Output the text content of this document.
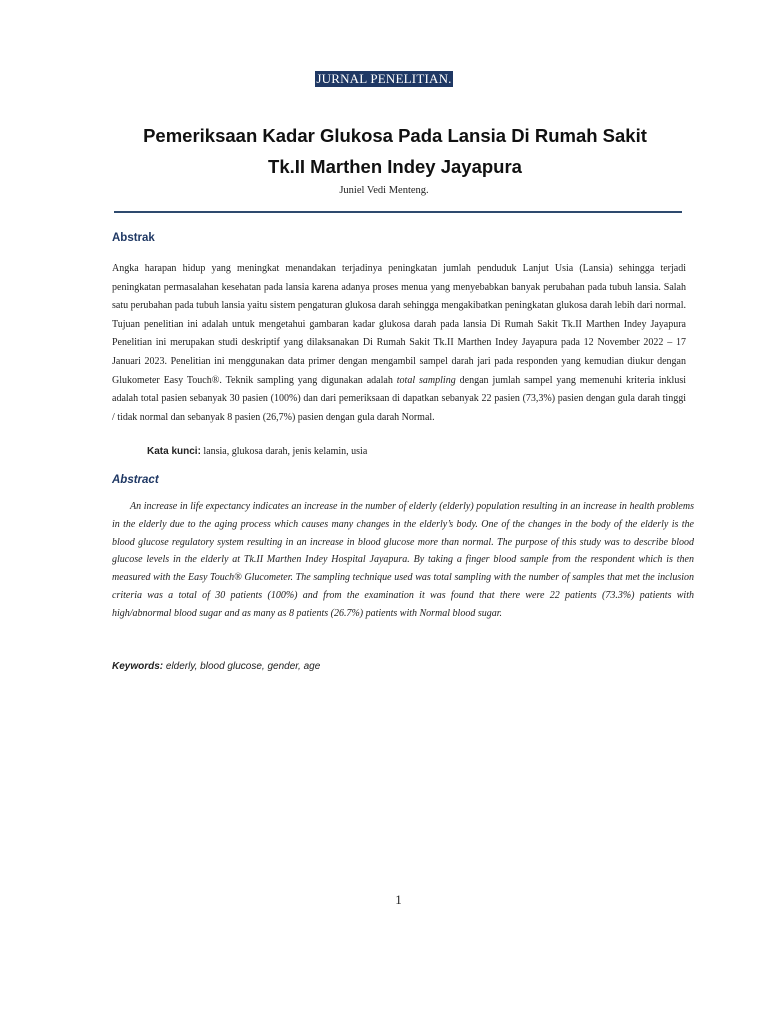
JURNAL PENELITIAN.
Pemeriksaan Kadar Glukosa Pada Lansia Di Rumah Sakit
Tk.II Marthen Indey Jayapura
Juniel Vedi Menteng.
Abstrak

Angka harapan hidup yang meningkat menandakan terjadinya peningkatan jumlah penduduk Lanjut Usia (Lansia) sehingga terjadi peningkatan permasalahan kesehatan pada lansia karena adanya proses menua yang menyebabkan banyak perubahan pada tubuh lansia. Salah satu perubahan pada tubuh lansia yaitu sistem pengaturan glukosa darah sehingga mengakibatkan peningkatan glukosa darah lebih dari normal. Tujuan penelitian ini adalah untuk mengetahui gambaran kadar glukosa darah pada lansia Di Rumah Sakit Tk.II Marthen Indey Jayapura Penelitian ini merupakan studi deskriptif yang dilaksanakan Di Rumah Sakit Tk.II Marthen Indey Jayapura pada 12 November 2022 – 17 Januari 2023. Penelitian ini menggunakan data primer dengan mengambil sampel darah jari pada responden yang kemudian diukur dengan Glukometer Easy Touch®. Teknik sampling yang digunakan adalah total sampling dengan jumlah sampel yang memenuhi kriteria inklusi adalah total pasien sebanyak 30 pasien (100%) dan dari pemeriksaan di dapatkan sebanyak 22 pasien (73,3%) pasien dengan gula darah tinggi / tidak normal dan sebanyak 8 pasien (26,7%) pasien dengan gula darah Normal.

Kata kunci: lansia, glukosa darah, jenis kelamin, usia
Abstract

An increase in life expectancy indicates an increase in the number of elderly (elderly) population resulting in an increase in health problems in the elderly due to the aging process which causes many changes in the elderly’s body. One of the changes in the body of the elderly is the blood glucose regulatory system resulting in an increase in blood glucose more than normal. The purpose of this study was to describe blood glucose levels in the elderly at Tk.II Marthen Indey Hospital Jayapura. By taking a finger blood sample from the respondent which is then measured with the Easy Touch® Glucometer. The sampling technique used was total sampling with the number of samples that met the inclusion criteria was a total of 30 patients (100%) and from the examination it was found that there were 22 patients (73.3%) patients with high/abnormal blood sugar and as many as 8 patients (26.7%) patients with Normal blood sugar.

Keywords: elderly, blood glucose, gender, age
1
